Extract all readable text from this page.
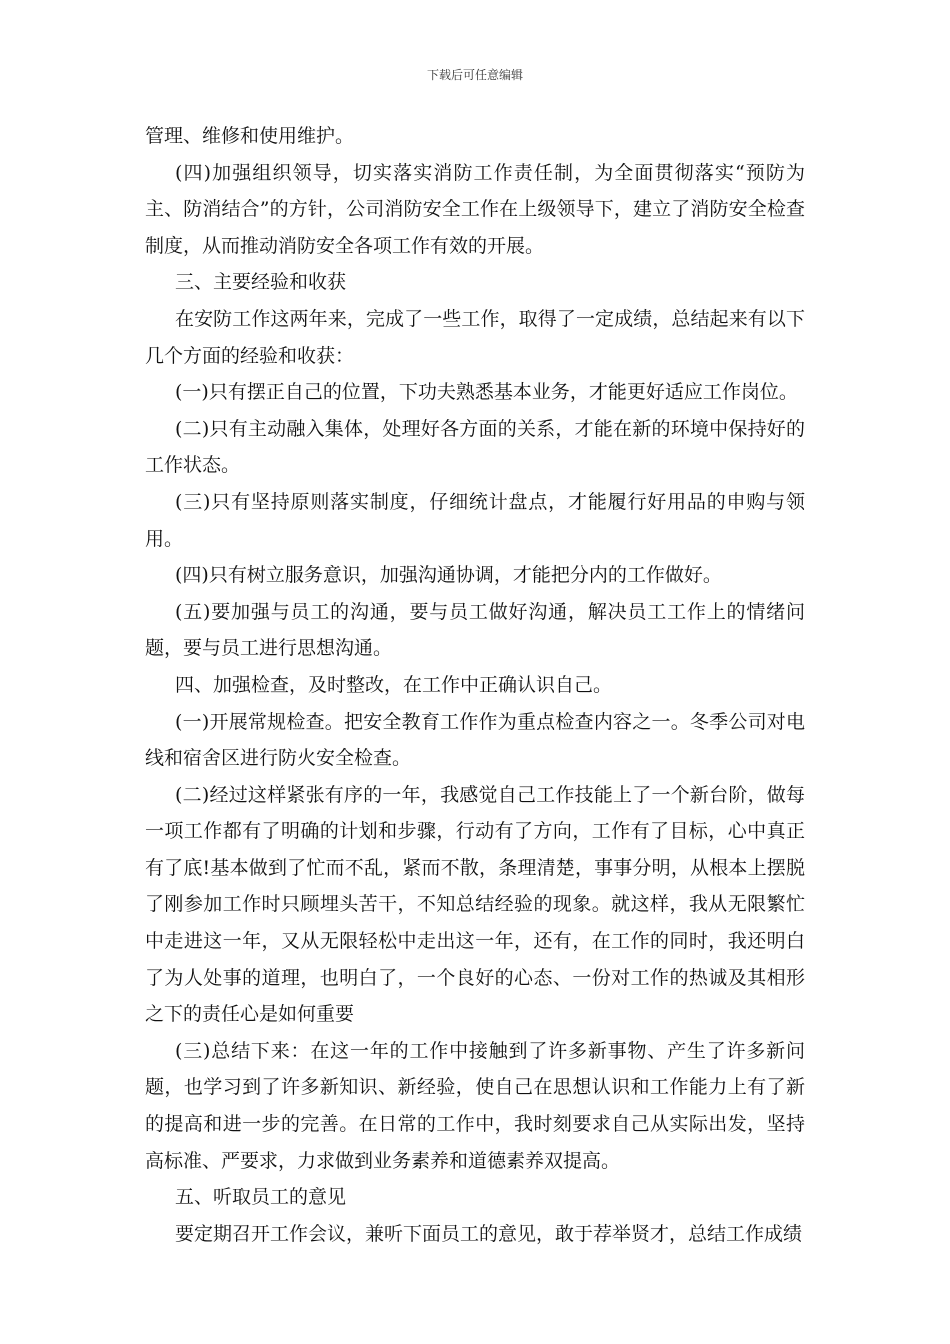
下载后可任意编辑

管理、维修和使用维护。

(四)加强组织领导，切实落实消防工作责任制，为全面贯彻落实“预防为主、防消结合”的方针，公司消防安全工作在上级领导下，建立了消防安全检查制度，从而推动消防安全各项工作有效的开展。

三、主要经验和收获

在安防工作这两年来，完成了一些工作，取得了一定成绩，总结起来有以下几个方面的经验和收获：

(一)只有摆正自己的位置，下功夫熟悉基本业务，才能更好适应工作岗位。

(二)只有主动融入集体，处理好各方面的关系，才能在新的环境中保持好的工作状态。

(三)只有坚持原则落实制度，仔细统计盘点，才能履行好用品的申购与领用。

(四)只有树立服务意识，加强沟通协调，才能把分内的工作做好。

(五)要加强与员工的沟通，要与员工做好沟通，解决员工工作上的情绪问题，要与员工进行思想沟通。

四、加强检查，及时整改，在工作中正确认识自己。

(一)开展常规检查。把安全教育工作作为重点检查内容之一。冬季公司对电线和宿舍区进行防火安全检查。

(二)经过这样紧张有序的一年，我感觉自己工作技能上了一个新台阶，做每一项工作都有了明确的计划和步骤，行动有了方向，工作有了目标，心中真正有了底!基本做到了忙而不乱，紧而不散，条理清楚，事事分明，从根本上摆脱了刚参加工作时只顾埋头苦干，不知总结经验的现象。就这样，我从无限繁忙中走进这一年，又从无限轻松中走出这一年，还有，在工作的同时，我还明白了为人处事的道理，也明白了，一个良好的心态、一份对工作的热诚及其相形之下的责任心是如何重要

(三)总结下来：在这一年的工作中接触到了许多新事物、产生了许多新问题，也学习到了许多新知识、新经验，使自己在思想认识和工作能力上有了新的提高和进一步的完善。在日常的工作中，我时刻要求自己从实际出发，坚持高标准、严要求，力求做到业务素养和道德素养双提高。

五、听取员工的意见

要定期召开工作会议，兼听下面员工的意见，敢于荐举贤才，总结工作成绩
